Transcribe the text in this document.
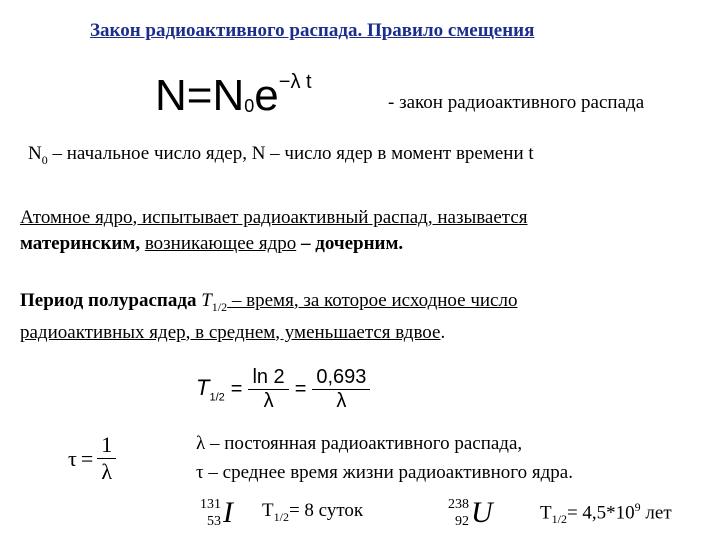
Закон радиоактивного распада. Правило смещения
$N=N_0e^{-\lambda t}$
- закон радиоактивного распада
$N_0$ – начальное число ядер, N – число ядер в момент времени t
Атомное ядро, испытывает радиоактивный распад, называется
материнским, возникающее ядро – дочерним.
Период полураспада $T_{1/2}$ – время, за которое исходное число
радиоактивных ядер, в среднем, уменьшается вдвое.
$T_{1/2} = \frac{\ln 2}{\lambda} = \frac{0,693}{\lambda}$
$\tau = \frac{1}{\lambda}$	λ – постоянная радиоактивного распада,
τ – среднее время жизни радиоактивного ядра.
131
53 I $T_{1/2}= 8$ суток	238
92 U $T_{1/2}= 4,5*10^9$ лет
